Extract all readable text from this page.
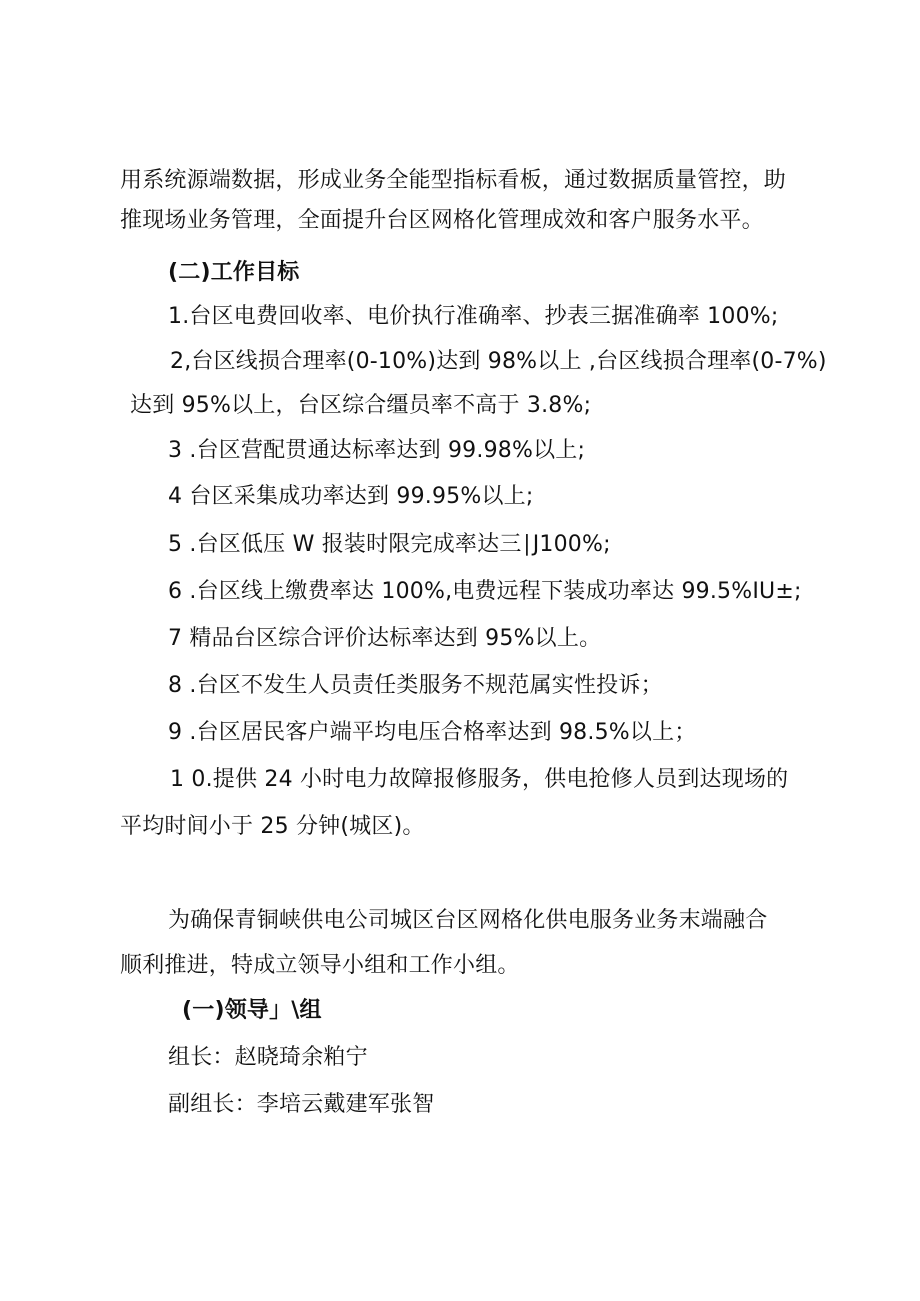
用系统源端数据，形成业务全能型指标看板，通过数据质量管控，助
推现场业务管理，全面提升台区网格化管理成效和客户服务水平。
(二)工作目标
1.台区电费回收率、电价执行准确率、抄表三据准确率 100%;
2,台区线损合理率(0-10%)达到 98%以上 ,台区线损合理率(0-7%)
达到 95%以上，台区综合缰员率不高于 3.8%;
3 .台区营配贯通达标率达到 99.98%以上;
4 台区采集成功率达到 99.95%以上;
5 .台区低压 W 报装时限完成率达三∣J100%;
6 .台区线上缴费率达 100%,电费远程下装成功率达 99.5%IU±;
7 精品台区综合评价达标率达到 95%以上。
8 .台区不发生人员责任类服务不规范属实性投诉；
9 .台区居民客户端平均电压合格率达到 98.5%以上；
1 0.提供 24 小时电力故障报修服务，供电抢修人员到达现场的
平均时间小于 25 分钟(城区)。
为确保青铜峡供电公司城区台区网格化供电服务业务末端融合
顺利推进，特成立领导小组和工作小组。
(一)领导」\组
组长：赵晓琦余粕宁
副组长：李培云戴建军张智
